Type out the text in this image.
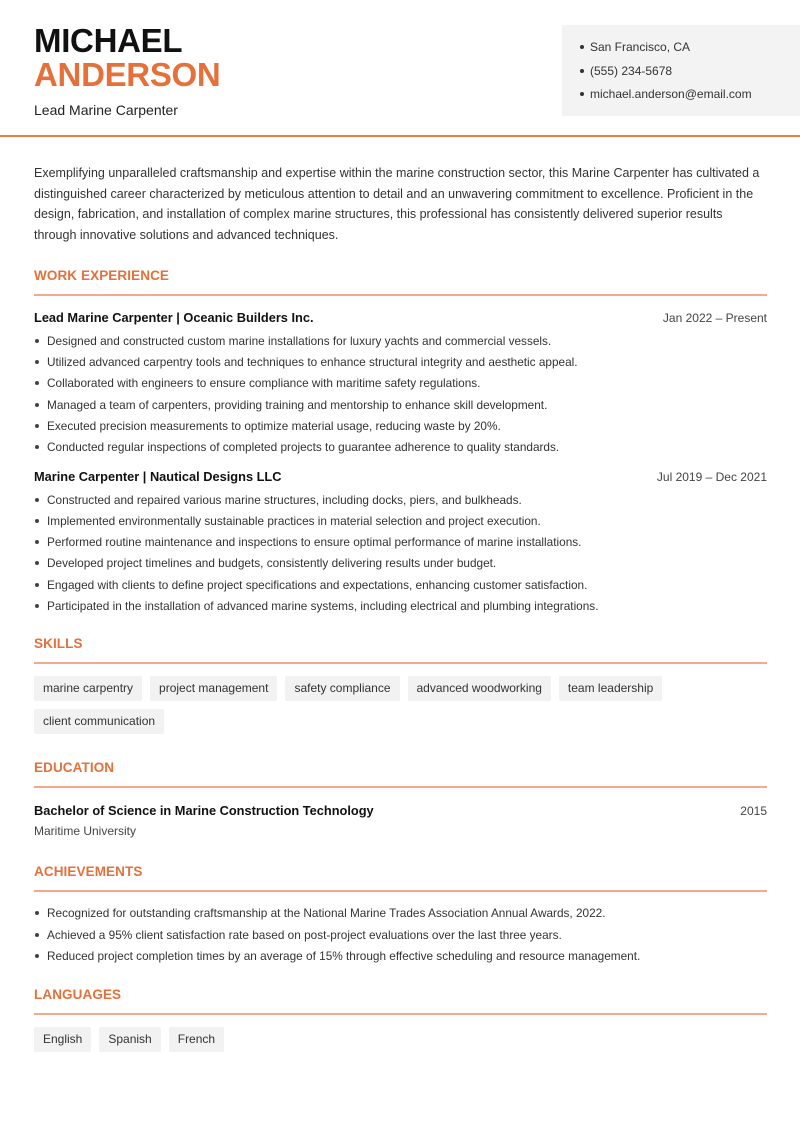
MICHAEL
ANDERSON
Lead Marine Carpenter
San Francisco, CA
(555) 234-5678
michael.anderson@email.com

Exemplifying unparalleled craftsmanship and expertise within the marine construction sector, this Marine Carpenter has cultivated a distinguished career characterized by meticulous attention to detail and an unwavering commitment to excellence. Proficient in the design, fabrication, and installation of complex marine structures, this professional has consistently delivered superior results through innovative solutions and advanced techniques.

WORK EXPERIENCE
Lead Marine Carpenter | Oceanic Builders Inc.	Jan 2022 – Present
Designed and constructed custom marine installations for luxury yachts and commercial vessels.
Utilized advanced carpentry tools and techniques to enhance structural integrity and aesthetic appeal.
Collaborated with engineers to ensure compliance with maritime safety regulations.
Managed a team of carpenters, providing training and mentorship to enhance skill development.
Executed precision measurements to optimize material usage, reducing waste by 20%.
Conducted regular inspections of completed projects to guarantee adherence to quality standards.
Marine Carpenter | Nautical Designs LLC	Jul 2019 – Dec 2021
Constructed and repaired various marine structures, including docks, piers, and bulkheads.
Implemented environmentally sustainable practices in material selection and project execution.
Performed routine maintenance and inspections to ensure optimal performance of marine installations.
Developed project timelines and budgets, consistently delivering results under budget.
Engaged with clients to define project specifications and expectations, enhancing customer satisfaction.
Participated in the installation of advanced marine systems, including electrical and plumbing integrations.
SKILLS
marine carpentry	project management	safety compliance	advanced woodworking	team leadership
client communication
EDUCATION
Bachelor of Science in Marine Construction Technology	2015
Maritime University
ACHIEVEMENTS
Recognized for outstanding craftsmanship at the National Marine Trades Association Annual Awards, 2022.
Achieved a 95% client satisfaction rate based on post-project evaluations over the last three years.
Reduced project completion times by an average of 15% through effective scheduling and resource management.
LANGUAGES
English	Spanish	French
